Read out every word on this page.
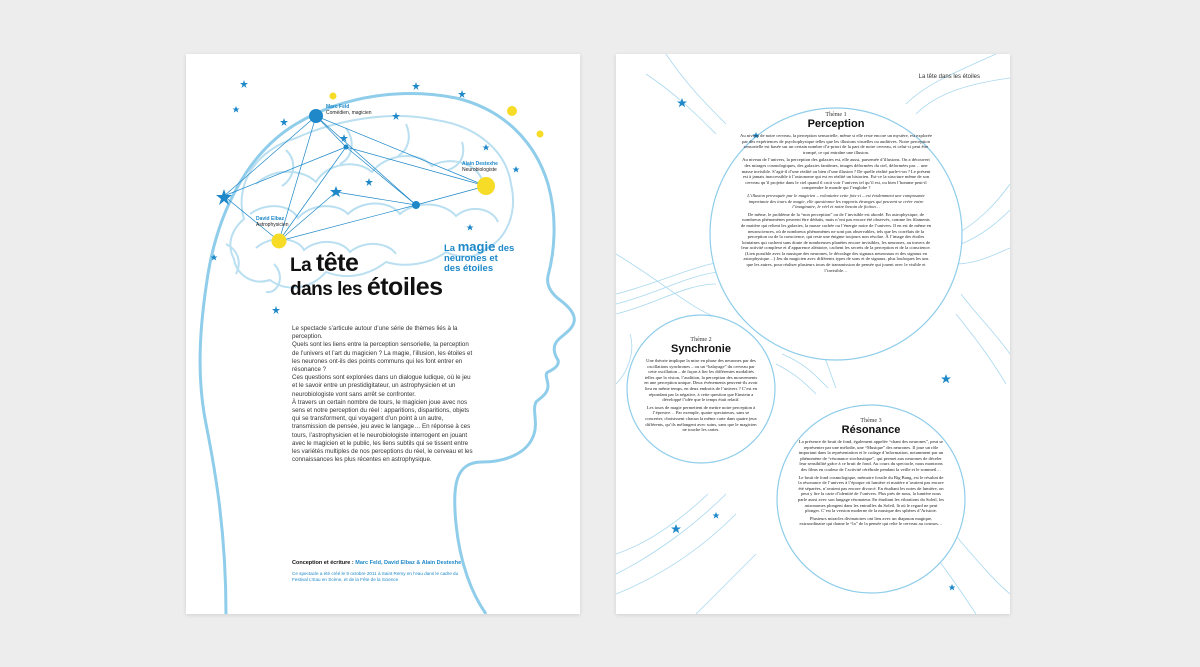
Marc Feld
Comédien, magicien
Alain Destexhe
Neurobiologiste
David Elbaz
Astrophysicien
La magie des
neurones et
des étoiles
La tête
dans les étoiles

Le spectacle s’articule autour d’une série de thèmes liés à la perception.

Quels sont les liens entre la perception sensorielle, la perception de l’univers et l’art du magicien ? La magie, l’illusion, les étoiles et les neurones ont-ils des points communs qui les font entrer en résonance ?

Ces questions sont explorées dans un dialogue ludique, où le jeu et le savoir entre un prestidigitateur, un astrophysicien et un neurobiologiste vont sans arrêt se confronter.

À travers un certain nombre de tours, le magicien joue avec nos sens et notre perception du réel : apparitions, disparitions, objets qui se transforment, qui voyagent d’un point à un autre, transmission de pensée, jeu avec le langage… En réponse à ces tours, l’astrophysicien et le neurobiologiste interrogent en jouant avec le magicien et le public, les liens subtils qui se tissent entre les variétés multiples de nos perceptions du réel, le cerveau et les connaissances les plus récentes en astrophysique.

Conception et écriture : Marc Feld, David Elbaz & Alain Destexhe
Ce spectacle a été créé le 9 octobre 2011 à Saint Remy en l’eau dans le cadre du Festival L’Eau en Scène, et de la Fête de la Science
La tête dans les étoiles
Thème 1
Perception

Au niveau de notre cerveau, la perception sensorielle, même si elle reste encore un mystère, est explorée par des expériences de psychophysique telles que les illusions visuelles ou auditives. Notre perception sensorielle est basée sur un certain nombre d’a-priori de la part de notre cerveau, et celui-ci peut être trompé, ce qui entraîne une illusion.

Au niveau de l’univers, la perception des galaxies est, elle aussi, parsemée d’illusions. On a découvert des mirages cosmologiques, des galaxies fantômes, images déformées du ciel, déformées par… une masse invisible. S’agit-il d’une réalité ou bien d’une illusion ? De quelle réalité parle-t-on ? Le présent est à jamais inaccessible à l’astronome qui est en réalité un historien. Est-ce la structure même de son cerveau qu’il projette dans le ciel quand il croit voir l’univers tel qu’il est, ou bien l’homme peut-il comprendre le monde qui l’englobe ?

L’illusion provoquée par le magicien – volontaire cette fois-ci – est évidemment une composante importante des tours de magie, elle questionne les rapports étranges qui peuvent se créer entre l’imaginaire, le réel et notre besoin de fiction…

De même, le problème de la “non perception” ou de l’invisible est abordé. En astrophysique, de nombreux phénomènes peuvent être déduits, mais n’ont pas encore été observés, comme les filaments de matière qui relient les galaxies, la masse cachée ou l’énergie noire de l’univers. Il en est de même en neurosciences, où de nombreux phénomènes ne sont pas observables, tels que les corrélats de la perception ou de la conscience, qui reste une énigme toujours non résolue. À l’image des étoiles lointaines qui cachent sans doute de nombreuses planètes encore invisibles, les neurones, au travers de leur activité complexe et d’apparence aléatoire, cachent les secrets de la perception et de la conscience. (Lien possible avec la musique des neurones, le décodage des signaux neuronaux et des signaux en astrophysique…) Jeu du magicien avec différents types de sons et de signaux, plus loufoques les uns que les autres, pour réaliser plusieurs tours de transmission de pensée qui jouent avec le visible et l’invisible…

Thème 2
Synchronie

Une théorie implique la mise en phase des neurones par des oscillations synchrones – ou un “balayage” du cerveau par cette oscillation – de façon à lier les différentes modalités telles que la vision, l’audition, la perception des mouvements en une perception unique. Deux événements peuvent-ils avoir lieu en même temps, en deux endroits de l’univers ? C’est en répondant par la négative, à cette question que Einstein a développé l’idée que le temps était relatif.

Les tours de magie permettent de mettre notre perception à l’épreuve… Par exemple, quatre spectateurs, sans se concerter, choisissent chacun la même carte dans quatre jeux différents, qu’ils mélangent avec soins, sans que le magicien ne touche les cartes.

Thème 3
Résonance

La présence de bruit de fond, également appelée “chant des neurones”, peut se représenter par une mélodie, une “Musique” des neurones. Il joue un rôle important dans la représentation et le codage d’information, notamment par un phénomène de “résonance stochastique”, qui permet aux neurones de déceler leur sensibilité grâce à ce bruit de fond. Au cours du spectacle, nous montrons des films en couleur de l’activité cérébrale pendant la veille et le sommeil…

Le bruit de fond cosmologique, mémoire fossile du Big Bang, est le résultat de la résonance de l’univers à l’époque où lumière et matière n’avaient pas encore été séparées, n’avaient pas encore divorcé. En étudiant les notes de lumière, on peut y lire la carte d’identité de l’univers. Plus près de nous, la lumière nous parle aussi avec son langage résonateur. En étudiant les vibrations du Soleil, les astronomes plongent dans les entrailles du Soleil, là où le regard ne peut plonger. C’est la version moderne de la musique des sphères d’Aristote.

Plusieurs miracles divinatoires ont lieu avec un diapason magique, extraordinaire qui donne le “la” de la pensée qui relie le cerveau au cosmos…
